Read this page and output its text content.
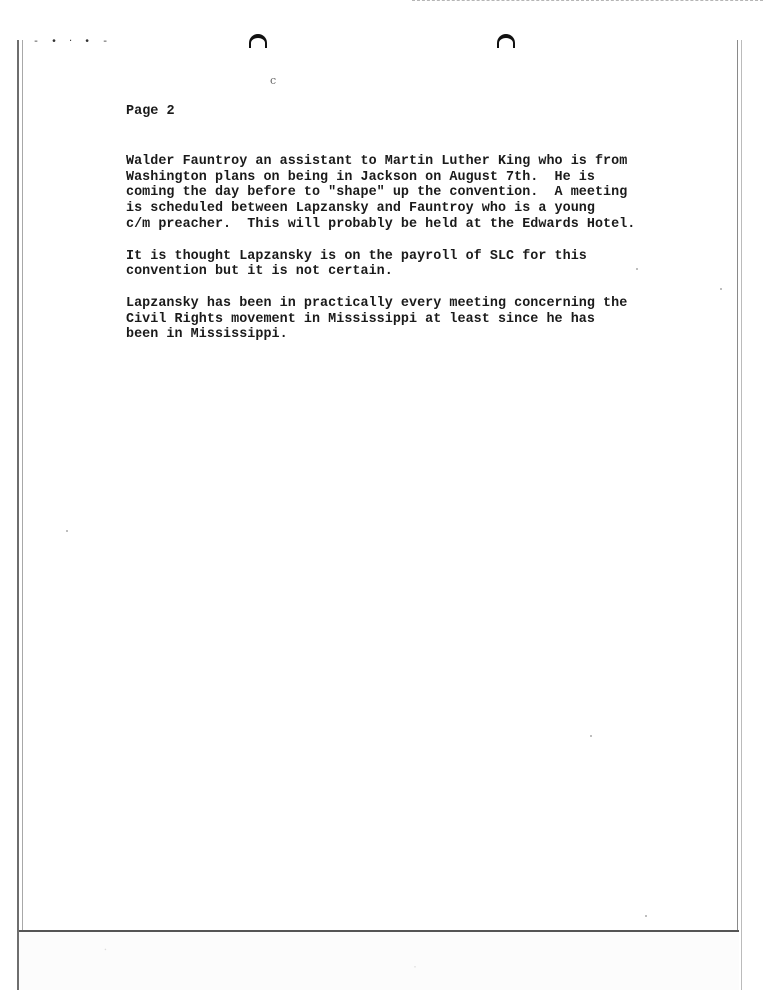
- • ‧ • -
c
Page 2
Walder Fauntroy an assistant to Martin Luther King who is from
Washington plans on being in Jackson on August 7th.  He is
coming the day before to "shape" up the convention.  A meeting
is scheduled between Lapzansky and Fauntroy who is a young
c/m preacher.  This will probably be held at the Edwards Hotel.
It is thought Lapzansky is on the payroll of SLC for this
convention but it is not certain.
Lapzansky has been in practically every meeting concerning the
Civil Rights movement in Mississippi at least since he has
been in Mississippi.
